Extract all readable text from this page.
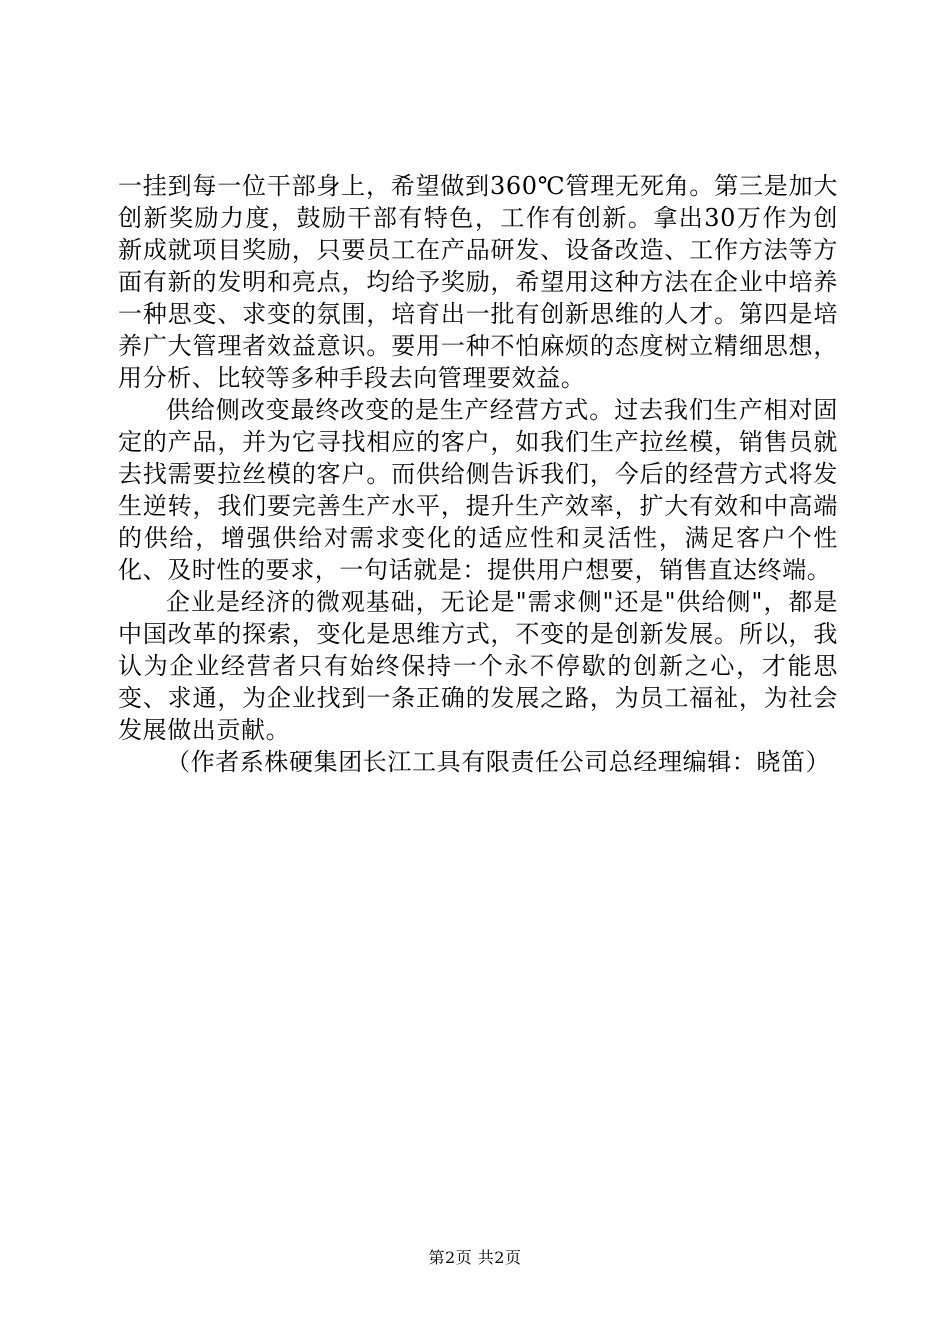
一挂到每一位干部身上，希望做到360℃管理无死角。第三是加大创新奖励力度，鼓励干部有特色，工作有创新。拿出30万作为创新成就项目奖励，只要员工在产品研发、设备改造、工作方法等方面有新的发明和亮点，均给予奖励，希望用这种方法在企业中培养一种思变、求变的氛围，培育出一批有创新思维的人才。第四是培养广大管理者效益意识。要用一种不怕麻烦的态度树立精细思想，用分析、比较等多种手段去向管理要效益。

供给侧改变最终改变的是生产经营方式。过去我们生产相对固定的产品，并为它寻找相应的客户，如我们生产拉丝模，销售员就去找需要拉丝模的客户。而供给侧告诉我们，今后的经营方式将发生逆转，我们要完善生产水平，提升生产效率，扩大有效和中高端的供给，增强供给对需求变化的适应性和灵活性，满足客户个性化、及时性的要求，一句话就是：提供用户想要，销售直达终端。

企业是经济的微观基础，无论是"需求侧"还是"供给侧"，都是中国改革的探索，变化是思维方式，不变的是创新发展。所以，我认为企业经营者只有始终保持一个永不停歇的创新之心，才能思变、求通，为企业找到一条正确的发展之路，为员工福祉，为社会发展做出贡献。

（作者系株硬集团长江工具有限责任公司总经理编辑：晓笛）

第2页 共2页
